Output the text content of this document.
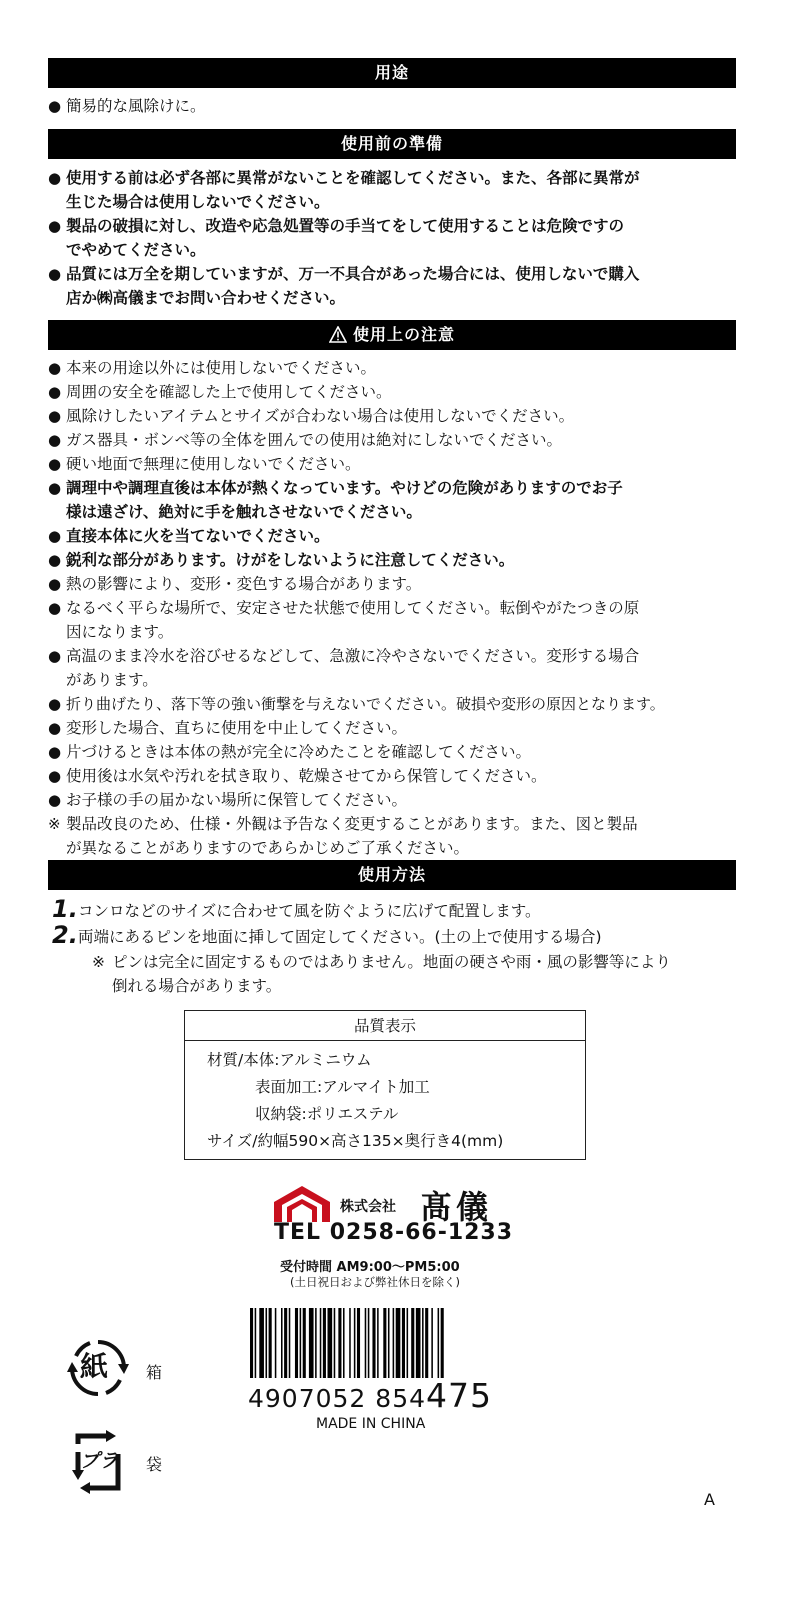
用途
● 簡易的な風除けに。
使用前の準備
● 使用する前は必ず各部に異常がないことを確認してください。また、各部に異常が
生じた場合は使用しないでください。
● 製品の破損に対し、改造や応急処置等の手当てをして使用することは危険ですの
でやめてください。
● 品質には万全を期していますが、万一不具合があった場合には、使用しないで購入
店か㈱高儀までお問い合わせください。
使用上の注意
● 本来の用途以外には使用しないでください。
● 周囲の安全を確認した上で使用してください。
● 風除けしたいアイテムとサイズが合わない場合は使用しないでください。
● ガス器具・ボンベ等の全体を囲んでの使用は絶対にしないでください。
● 硬い地面で無理に使用しないでください。
● 調理中や調理直後は本体が熱くなっています。やけどの危険がありますのでお子
様は遠ざけ、絶対に手を触れさせないでください。
● 直接本体に火を当てないでください。
● 鋭利な部分があります。けがをしないように注意してください。
● 熱の影響により、変形・変色する場合があります。
● なるべく平らな場所で、安定させた状態で使用してください。転倒やがたつきの原
因になります。
● 高温のまま冷水を浴びせるなどして、急激に冷やさないでください。変形する場合
があります。
● 折り曲げたり、落下等の強い衝撃を与えないでください。破損や変形の原因となります。
● 変形した場合、直ちに使用を中止してください。
● 片づけるときは本体の熱が完全に冷めたことを確認してください。
● 使用後は水気や汚れを拭き取り、乾燥させてから保管してください。
● お子様の手の届かない場所に保管してください。
※ 製品改良のため、仕様・外観は予告なく変更することがあります。また、図と製品
が異なることがありますのであらかじめご了承ください。
使用方法
1. コンロなどのサイズに合わせて風を防ぐように広げて配置します。
2. 両端にあるピンを地面に挿して固定してください。(土の上で使用する場合)
※ ピンは完全に固定するものではありません。地面の硬さや雨・風の影響等により
倒れる場合があります。
品質表示
材質/本体:アルミニウム
表面加工:アルマイト加工
収納袋:ポリエステル
サイズ/約幅590×高さ135×奥行き4(mm)
株式会社 髙儀
TEL 0258-66-1233
受付時間 AM9:00〜PM5:00
(土日祝日および弊社休日を除く)
4907052 854475
MADE IN CHINA
紙 箱
プラ 袋
A
